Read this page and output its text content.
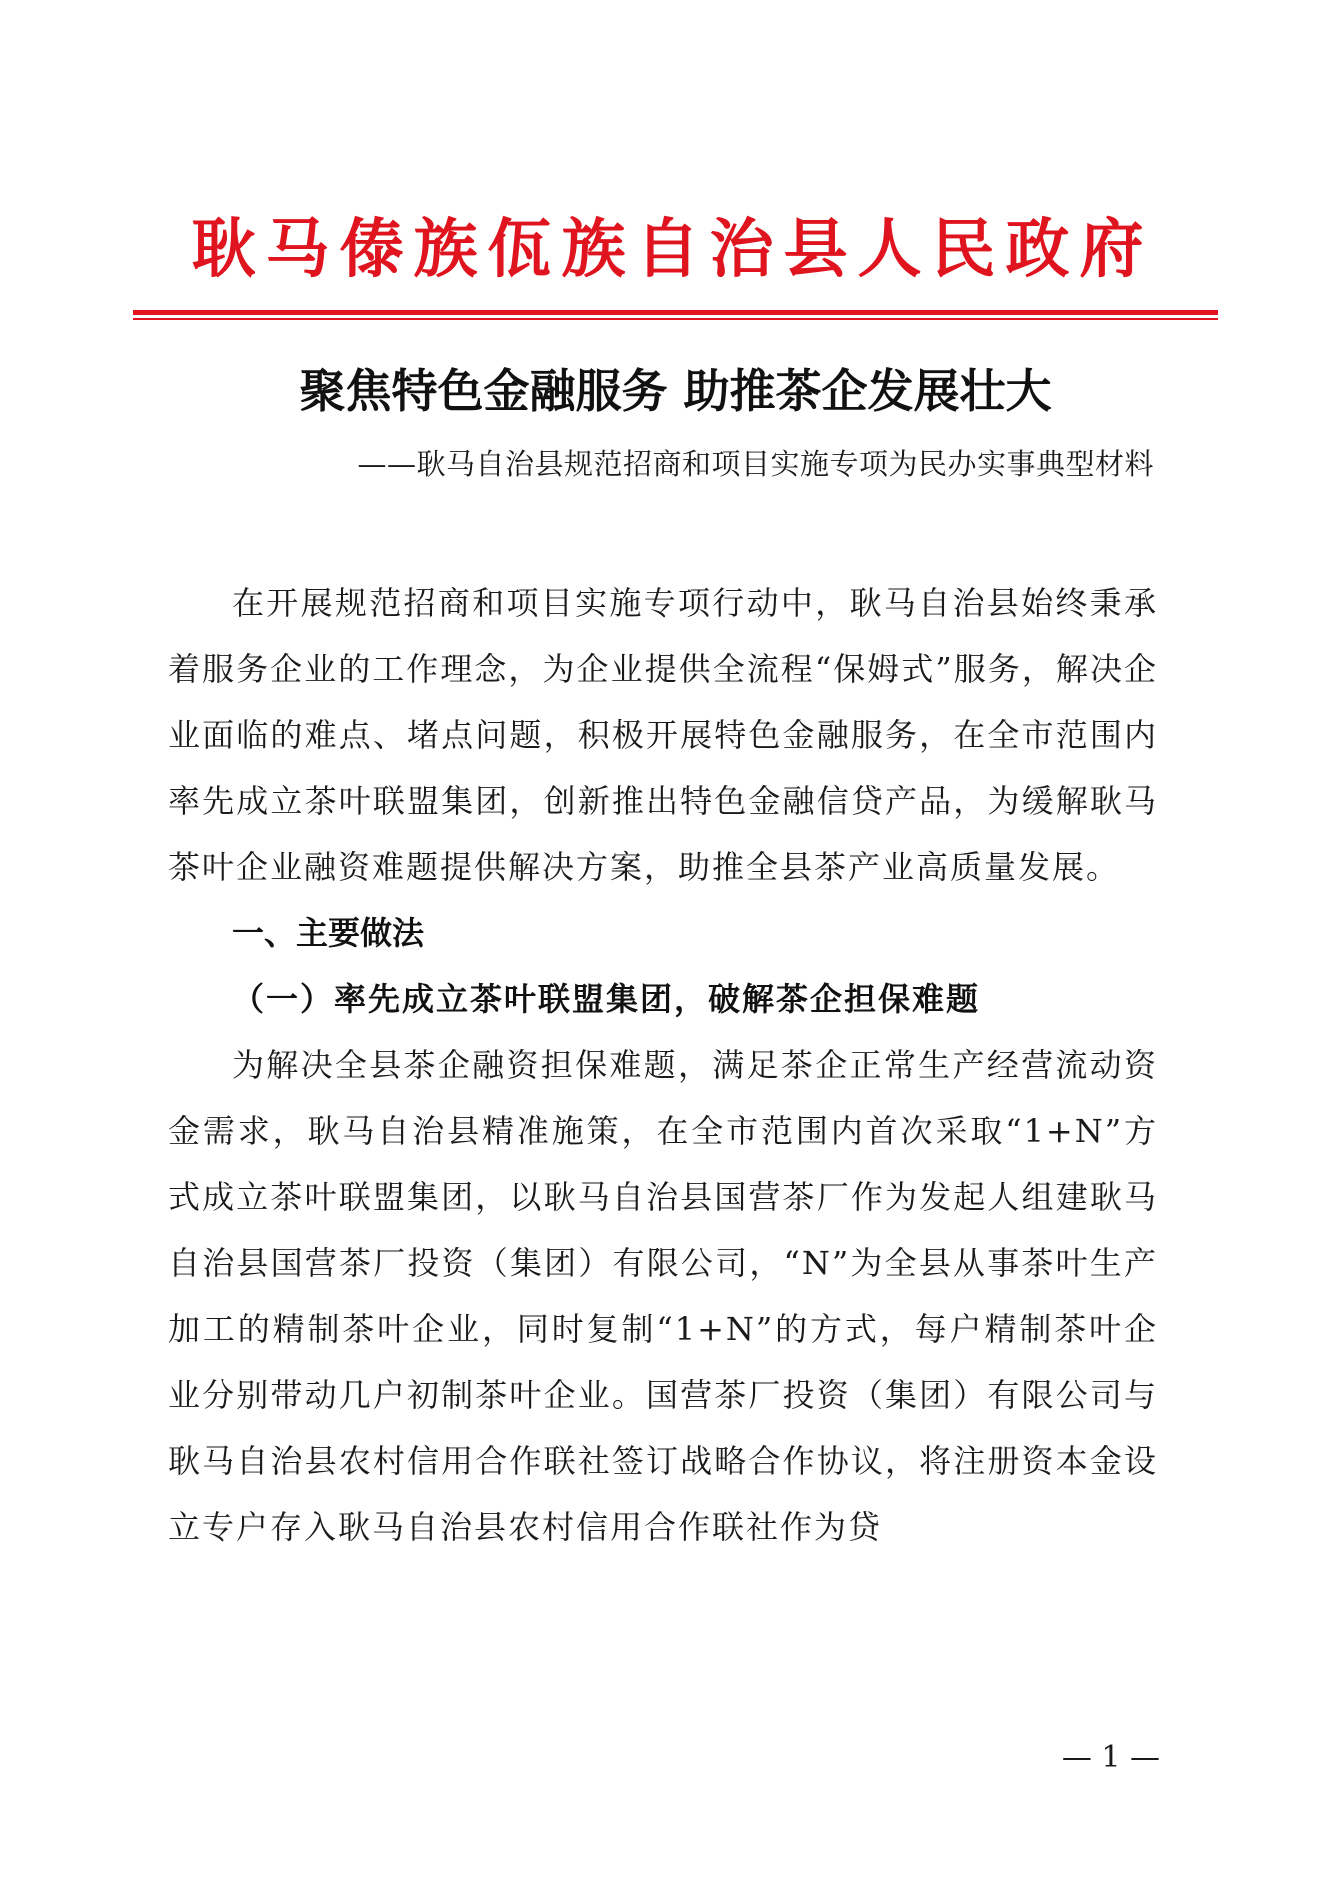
耿马傣族佤族自治县人民政府
聚焦特色金融服务 助推茶企发展壮大
——耿马自治县规范招商和项目实施专项为民办实事典型材料

在开展规范招商和项目实施专项行动中，耿马自治县始终秉承着服务企业的工作理念，为企业提供全流程“保姆式”服务，解决企业面临的难点、堵点问题，积极开展特色金融服务，在全市范围内率先成立茶叶联盟集团，创新推出特色金融信贷产品，为缓解耿马茶叶企业融资难题提供解决方案，助推全县茶产业高质量发展。

一、主要做法

（一）率先成立茶叶联盟集团，破解茶企担保难题

为解决全县茶企融资担保难题，满足茶企正常生产经营流动资金需求，耿马自治县精准施策，在全市范围内首次采取“1+N”方式成立茶叶联盟集团，以耿马自治县国营茶厂作为发起人组建耿马自治县国营茶厂投资（集团）有限公司，“N”为全县从事茶叶生产加工的精制茶叶企业，同时复制“1+N”的方式，每户精制茶叶企业分别带动几户初制茶叶企业。国营茶厂投资（集团）有限公司与耿马自治县农村信用合作联社签订战略合作协议，将注册资本金设立专户存入耿马自治县农村信用合作联社作为贷

— 1 —
